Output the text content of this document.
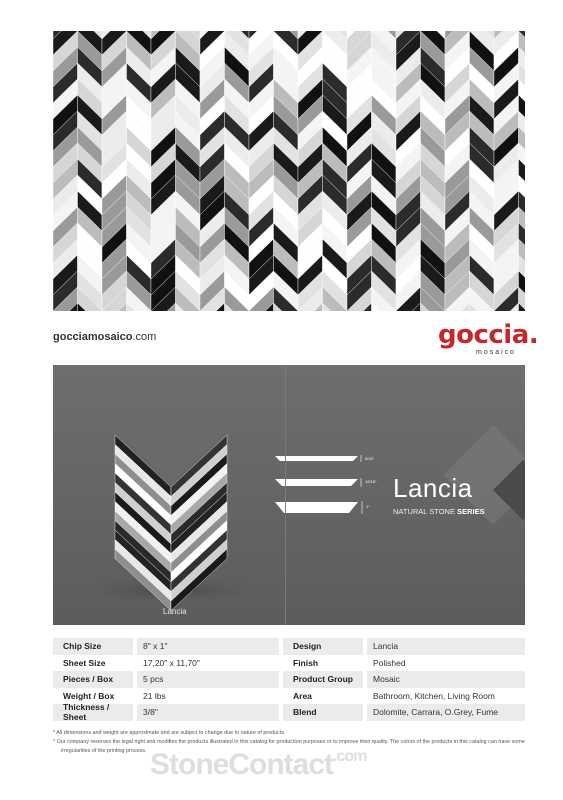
gocciamosaico.com	goccia.
mosaico
5/16"
12/16"
1"
Lancia
NATURAL STONE SERIES
Lancia
Chip Size	8" x 1"	Design	Lancia
Sheet Size	17,20" x 11,70"	Finish	Polished
Pieces / Box	5 pcs	Product Group	Mosaic
Weight / Box	21 lbs	Area	Bathroom, Kitchen, Living Room
Thickness / Sheet	3/8"	Blend	Dolomite, Carrara, O.Grey, Fume
* All dimensions and weight are approximate and are subject to change due to nature of products.
* Our company reserves the legal right and modifies the products illustrated in this catalog for production purposes or to improve their quality. The colors of the products in this catalog can have some irregularities of the printing process. StoneContact$^{.com}$
